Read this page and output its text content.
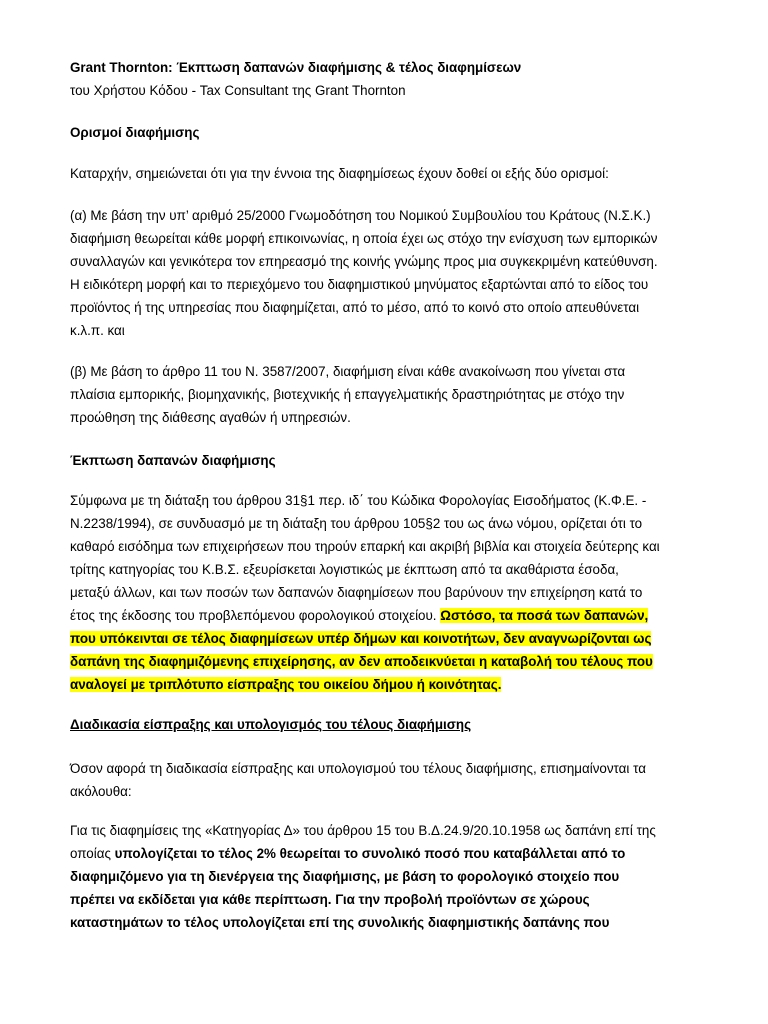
Grant Thornton: Έκπτωση δαπανών διαφήμισης & τέλος διαφημίσεων

του Χρήστου Κόδου - Tax Consultant της Grant Thornton

Ορισμοί διαφήμισης

Καταρχήν, σημειώνεται ότι για την έννοια της διαφημίσεως έχουν δοθεί οι εξής δύο ορισμοί:

(α) Με βάση την υπ’ αριθμό 25/2000 Γνωμοδότηση του Νομικού Συμβουλίου του Κράτους (Ν.Σ.Κ.)
διαφήμιση θεωρείται κάθε μορφή επικοινωνίας, η οποία έχει ως στόχο την ενίσχυση των εμπορικών
συναλλαγών και γενικότερα τον επηρεασμό της κοινής γνώμης προς μια συγκεκριμένη κατεύθυνση.
Η ειδικότερη μορφή και το περιεχόμενο του διαφημιστικού μηνύματος εξαρτώνται από το είδος του
προϊόντος ή της υπηρεσίας που διαφημίζεται, από το μέσο, από το κοινό στο οποίο απευθύνεται
κ.λ.π. και

(β) Με βάση το άρθρο 11 του Ν. 3587/2007, διαφήμιση είναι κάθε ανακοίνωση που γίνεται στα
πλαίσια εμπορικής, βιομηχανικής, βιοτεχνικής ή επαγγελματικής δραστηριότητας με στόχο την
προώθηση της διάθεσης αγαθών ή υπηρεσιών.

Έκπτωση δαπανών διαφήμισης

Σύμφωνα με τη διάταξη του άρθρου 31§1 περ. ιδ΄ του Κώδικα Φορολογίας Εισοδήματος (Κ.Φ.Ε. -
Ν.2238/1994), σε συνδυασμό με τη διάταξη του άρθρου 105§2 του ως άνω νόμου, ορίζεται ότι το
καθαρό εισόδημα των επιχειρήσεων που τηρούν επαρκή και ακριβή βιβλία και στοιχεία δεύτερης και
τρίτης κατηγορίας του Κ.Β.Σ. εξευρίσκεται λογιστικώς με έκπτωση από τα ακαθάριστα έσοδα,
μεταξύ άλλων, και των ποσών των δαπανών διαφημίσεων που βαρύνουν την επιχείρηση κατά το
έτος της έκδοσης του προβλεπόμενου φορολογικού στοιχείου. Ωστόσο, τα ποσά των δαπανών,
που υπόκεινται σε τέλος διαφημίσεων υπέρ δήμων και κοινοτήτων, δεν αναγνωρίζονται ως
δαπάνη της διαφημιζόμενης επιχείρησης, αν δεν αποδεικνύεται η καταβολή του τέλους που
αναλογεί με τριπλότυπο είσπραξης του οικείου δήμου ή κοινότητας.

Διαδικασία είσπραξης και υπολογισμός του τέλους διαφήμισης

Όσον αφορά τη διαδικασία είσπραξης και υπολογισμού του τέλους διαφήμισης, επισημαίνονται τα
ακόλουθα:

Για τις διαφημίσεις της «Κατηγορίας Δ» του άρθρου 15 του Β.Δ.24.9/20.10.1958 ως δαπάνη επί της
οποίας υπολογίζεται το τέλος 2% θεωρείται το συνολικό ποσό που καταβάλλεται από το
διαφημιζόμενο για τη διενέργεια της διαφήμισης, με βάση το φορολογικό στοιχείο που
πρέπει να εκδίδεται για κάθε περίπτωση. Για την προβολή προϊόντων σε χώρους
καταστημάτων το τέλος υπολογίζεται επί της συνολικής διαφημιστικής δαπάνης που
